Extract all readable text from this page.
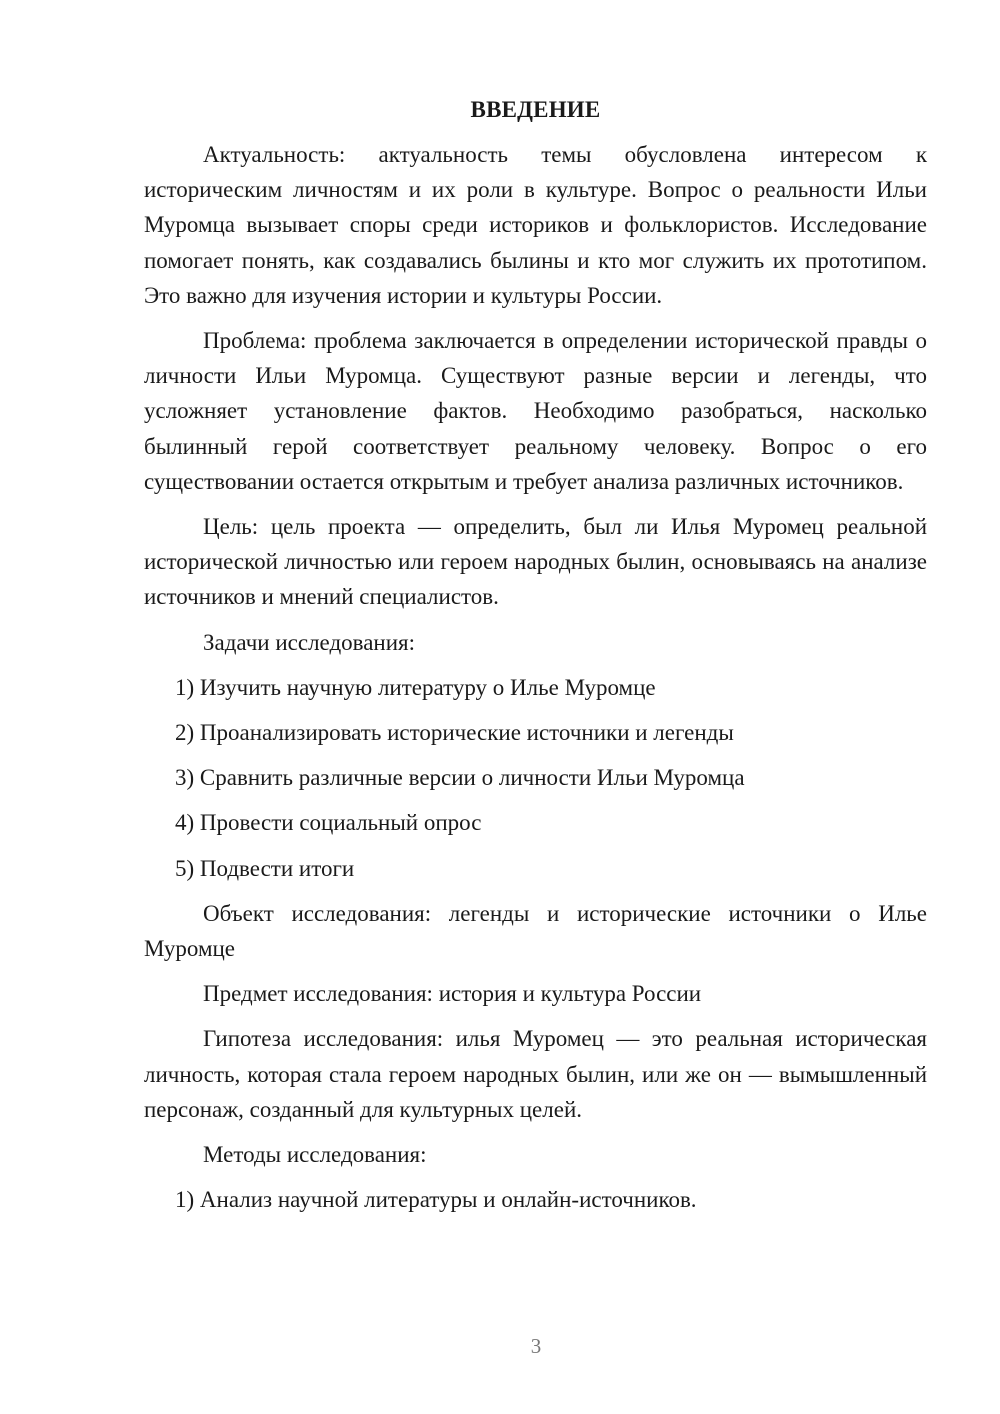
ВВЕДЕНИЕ

Актуальность: актуальность темы обусловлена интересом к историческим личностям и их роли в культуре. Вопрос о реальности Ильи Муромца вызывает споры среди историков и фольклористов. Исследование помогает понять, как создавались былины и кто мог служить их прототипом. Это важно для изучения истории и культуры России.

Проблема: проблема заключается в определении исторической правды о личности Ильи Муромца. Существуют разные версии и легенды, что усложняет установление фактов. Необходимо разобраться, насколько былинный герой соответствует реальному человеку. Вопрос о его существовании остается открытым и требует анализа различных источников.

Цель: цель проекта — определить, был ли Илья Муромец реальной исторической личностью или героем народных былин, основываясь на анализе источников и мнений специалистов.

Задачи исследования:

1) Изучить научную литературу о Илье Муромце
2) Проанализировать исторические источники и легенды
3) Сравнить различные версии о личности Ильи Муромца
4) Провести социальный опрос
5) Подвести итоги

Объект исследования: легенды и исторические источники о Илье Муромце

Предмет исследования: история и культура России

Гипотеза исследования: илья Муромец — это реальная историческая личность, которая стала героем народных былин, или же он — вымышленный персонаж, созданный для культурных целей.

Методы исследования:

1) Анализ научной литературы и онлайн-источников.
3
